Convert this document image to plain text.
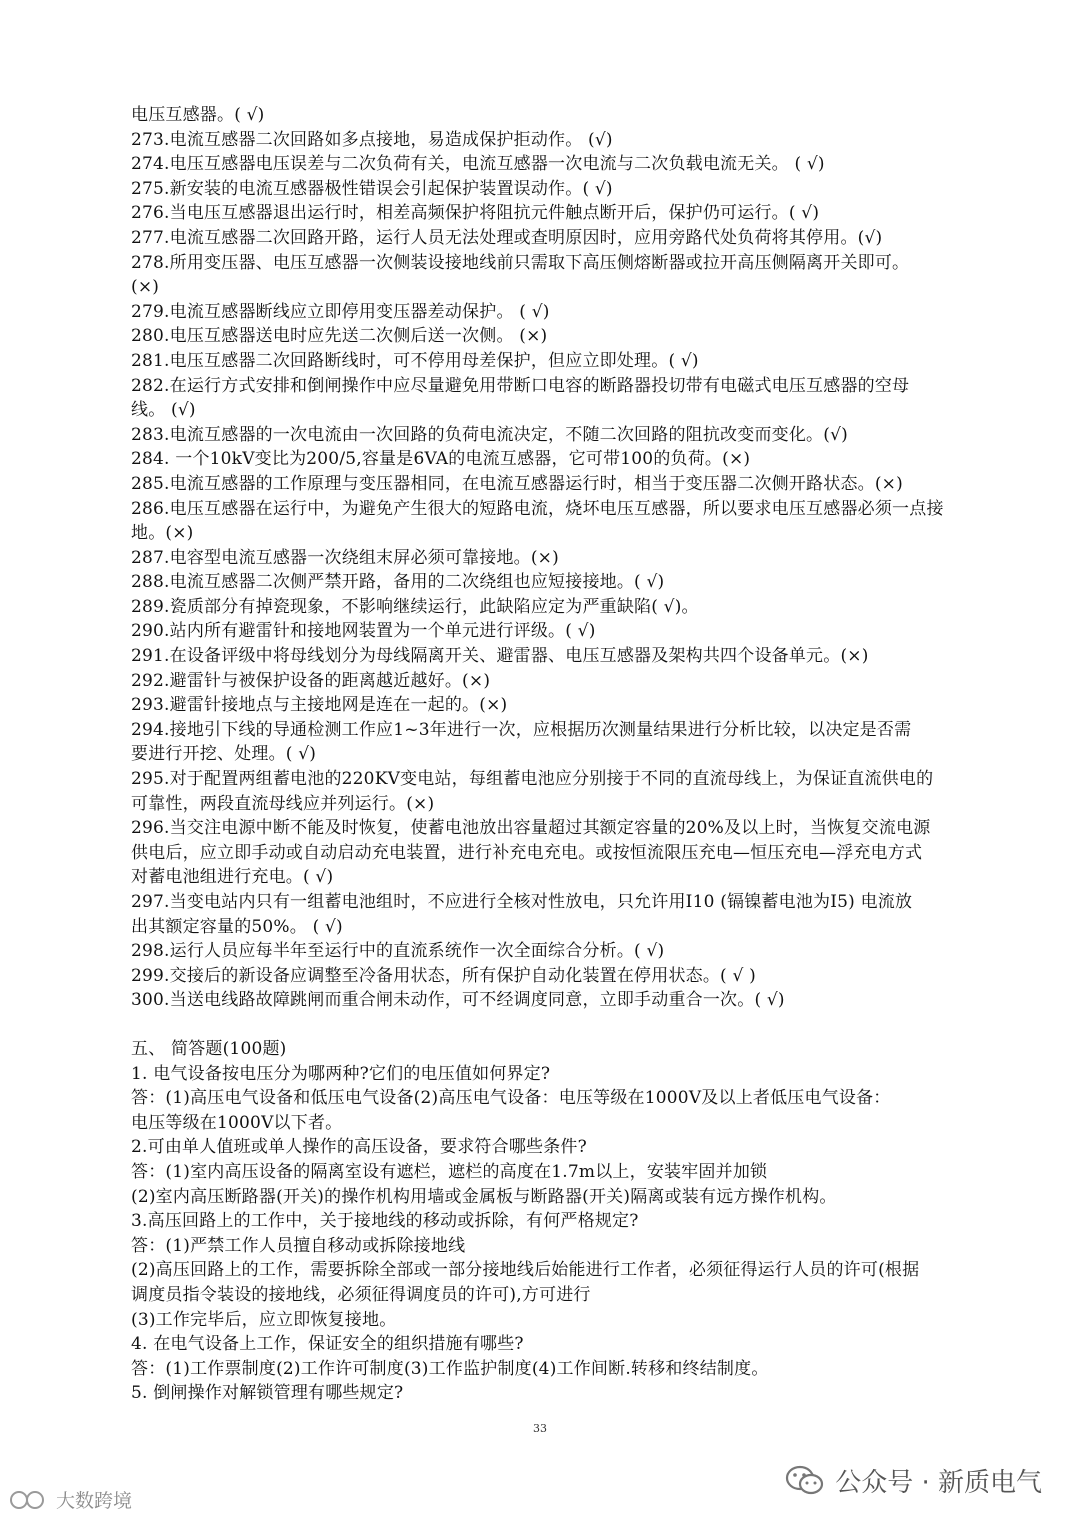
电压互感器。( √)
273.电流互感器二次回路如多点接地，易造成保护拒动作。 (√)
274.电压互感器电压误差与二次负荷有关，电流互感器一次电流与二次负载电流无关。 ( √)
275.新安装的电流互感器极性错误会引起保护装置误动作。( √)
276.当电压互感器退出运行时，相差高频保护将阻抗元件触点断开后，保护仍可运行。( √)
277.电流互感器二次回路开路，运行人员无法处理或查明原因时，应用旁路代处负荷将其停用。(√)
278.所用变压器、电压互感器一次侧装设接地线前只需取下高压侧熔断器或拉开高压侧隔离开关即可。
(×)
279.电流互感器断线应立即停用变压器差动保护。 ( √)
280.电压互感器送电时应先送二次侧后送一次侧。 (×)
281.电压互感器二次回路断线时，可不停用母差保护，但应立即处理。( √)
282.在运行方式安排和倒闸操作中应尽量避免用带断口电容的断路器投切带有电磁式电压互感器的空母
线。 (√)
283.电流互感器的一次电流由一次回路的负荷电流决定，不随二次回路的阻抗改变而变化。(√)
284. 一个10kV变比为200/5,容量是6VA的电流互感器，它可带100的负荷。(×)
285.电流互感器的工作原理与变压器相同，在电流互感器运行时，相当于变压器二次侧开路状态。(×)
286.电压互感器在运行中，为避免产生很大的短路电流，烧坏电压互感器，所以要求电压互感器必须一点接
地。(×)
287.电容型电流互感器一次绕组末屏必须可靠接地。(×)
288.电流互感器二次侧严禁开路，备用的二次绕组也应短接接地。( √)
289.瓷质部分有掉瓷现象，不影响继续运行，此缺陷应定为严重缺陷( √)。
290.站内所有避雷针和接地网装置为一个单元进行评级。( √)
291.在设备评级中将母线划分为母线隔离开关、避雷器、电压互感器及架构共四个设备单元。(×)
292.避雷针与被保护设备的距离越近越好。(×)
293.避雷针接地点与主接地网是连在一起的。(×)
294.接地引下线的导通检测工作应1~3年进行一次，应根据历次测量结果进行分析比较，以决定是否需
要进行开挖、处理。( √)
295.对于配置两组蓄电池的220KV变电站，每组蓄电池应分别接于不同的直流母线上，为保证直流供电的
可靠性，两段直流母线应并列运行。(×)
296.当交注电源中断不能及时恢复，使蓄电池放出容量超过其额定容量的20%及以上时，当恢复交流电源
供电后，应立即手动或自动启动充电装置，进行补充电充电。或按恒流限压充电—恒压充电—浮充电方式
对蓄电池组进行充电。( √)
297.当变电站内只有一组蓄电池组时，不应进行全核对性放电，只允许用I10 (镉镍蓄电池为I5) 电流放
出其额定容量的50%。 ( √)
298.运行人员应每半年至运行中的直流系统作一次全面综合分析。( √)
299.交接后的新设备应调整至冷备用状态，所有保护自动化装置在停用状态。( √ )
300.当送电线路故障跳闸而重合闸未动作，可不经调度同意，立即手动重合一次。( √)
五、 简答题(100题)
1. 电气设备按电压分为哪两种?它们的电压值如何界定?
答：(1)高压电气设备和低压电气设备(2)高压电气设备：电压等级在1000V及以上者低压电气设备：
电压等级在1000V以下者。
2.可由单人值班或单人操作的高压设备，要求符合哪些条件?
答：(1)室内高压设备的隔离室设有遮栏，遮栏的高度在1.7m以上，安装牢固并加锁
(2)室内高压断路器(开关)的操作机构用墙或金属板与断路器(开关)隔离或装有远方操作机构。
3.高压回路上的工作中，关于接地线的移动或拆除，有何严格规定?
答：(1)严禁工作人员擅自移动或拆除接地线
(2)高压回路上的工作，需要拆除全部或一部分接地线后始能进行工作者，必须征得运行人员的许可(根据
调度员指令装设的接地线，必须征得调度员的许可),方可进行
(3)工作完毕后，应立即恢复接地。
4. 在电气设备上工作，保证安全的组织措施有哪些?
答：(1)工作票制度(2)工作许可制度(3)工作监护制度(4)工作间断.转移和终结制度。
5. 倒闸操作对解锁管理有哪些规定?
33
大数跨境
公众号 · 新质电气
